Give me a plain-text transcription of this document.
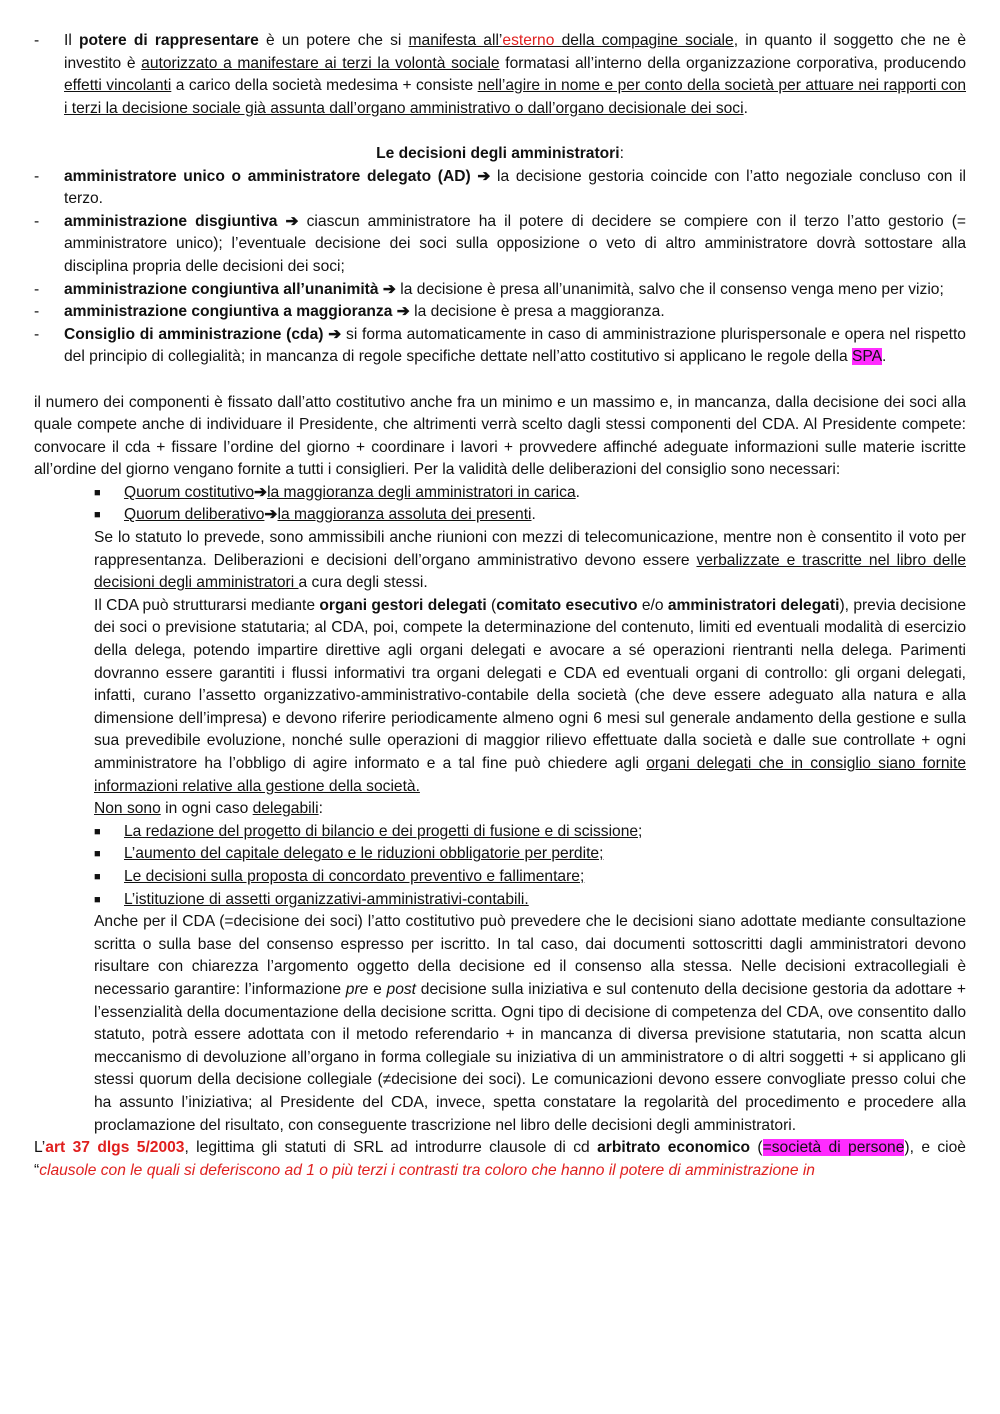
- Il potere di rappresentare è un potere che si manifesta all’esterno della compagine sociale, in quanto il soggetto che ne è investito è autorizzato a manifestare ai terzi la volontà sociale formatasi all’interno della organizzazione corporativa, producendo effetti vincolanti a carico della società medesima + consiste nell’agire in nome e per conto della società per attuare nei rapporti con i terzi la decisione sociale già assunta dall’organo amministrativo o dall’organo decisionale dei soci.

Le decisioni degli amministratori:

- amministratore unico o amministratore delegato (AD) ➔ la decisione gestoria coincide con l’atto negoziale concluso con il terzo.

- amministrazione disgiuntiva ➔ ciascun amministratore ha il potere di decidere se compiere con il terzo l’atto gestorio (= amministratore unico); l’eventuale decisione dei soci sulla opposizione o veto di altro amministratore dovrà sottostare alla disciplina propria delle decisioni dei soci;

- amministrazione congiuntiva all’unanimità ➔ la decisione è presa all’unanimità, salvo che il consenso venga meno per vizio;

- amministrazione congiuntiva a maggioranza ➔ la decisione è presa a maggioranza.

- Consiglio di amministrazione (cda) ➔ si forma automaticamente in caso di amministrazione plurispersonale e opera nel rispetto del principio di collegialità; in mancanza di regole specifiche dettate nell’atto costitutivo si applicano le regole della SPA.

il numero dei componenti è fissato dall’atto costitutivo anche fra un minimo e un massimo e, in mancanza, dalla decisione dei soci alla quale compete anche di individuare il Presidente, che altrimenti verrà scelto dagli stessi componenti del CDA. Al Presidente compete: convocare il cda + fissare l’ordine del giorno + coordinare i lavori + provvedere affinché adeguate informazioni sulle materie iscritte all’ordine del giorno vengano fornite a tutti i consiglieri. Per la validità delle deliberazioni del consiglio sono necessari:

■ Quorum costitutivo➔la maggioranza degli amministratori in carica.

■ Quorum deliberativo➔la maggioranza assoluta dei presenti.

Se lo statuto lo prevede, sono ammissibili anche riunioni con mezzi di telecomunicazione, mentre non è consentito il voto per rappresentanza. Deliberazioni e decisioni dell’organo amministrativo devono essere verbalizzate e trascritte nel libro delle decisioni degli amministratori a cura degli stessi.

Il CDA può strutturarsi mediante organi gestori delegati (comitato esecutivo e/o amministratori delegati), previa decisione dei soci o previsione statutaria; al CDA, poi, compete la determinazione del contenuto, limiti ed eventuali modalità di esercizio della delega, potendo impartire direttive agli organi delegati e avocare a sé operazioni rientranti nella delega. Parimenti dovranno essere garantiti i flussi informativi tra organi delegati e CDA ed eventuali organi di controllo: gli organi delegati, infatti, curano l’assetto organizzativo-amministrativo-contabile della società (che deve essere adeguato alla natura e alla dimensione dell’impresa) e devono riferire periodicamente almeno ogni 6 mesi sul generale andamento della gestione e sulla sua prevedibile evoluzione, nonché sulle operazioni di maggior rilievo effettuate dalla società e dalle sue controllate + ogni amministratore ha l’obbligo di agire informato e a tal fine può chiedere agli organi delegati che in consiglio siano fornite informazioni relative alla gestione della società.

Non sono in ogni caso delegabili:

■ La redazione del progetto di bilancio e dei progetti di fusione e di scissione;

■ L’aumento del capitale delegato e le riduzioni obbligatorie per perdite;

■ Le decisioni sulla proposta di concordato preventivo e fallimentare;

■ L’istituzione di assetti organizzativi-amministrativi-contabili.

Anche per il CDA (=decisione dei soci) l’atto costitutivo può prevedere che le decisioni siano adottate mediante consultazione scritta o sulla base del consenso espresso per iscritto. In tal caso, dai documenti sottoscritti dagli amministratori devono risultare con chiarezza l’argomento oggetto della decisione ed il consenso alla stessa. Nelle decisioni extracollegiali è necessario garantire: l’informazione pre e post decisione sulla iniziativa e sul contenuto della decisione gestoria da adottare + l’essenzialità della documentazione della decisione scritta. Ogni tipo di decisione di competenza del CDA, ove consentito dallo statuto, potrà essere adottata con il metodo referendario + in mancanza di diversa previsione statutaria, non scatta alcun meccanismo di devoluzione all’organo in forma collegiale su iniziativa di un amministratore o di altri soggetti + si applicano gli stessi quorum della decisione collegiale (≠decisione dei soci). Le comunicazioni devono essere convogliate presso colui che ha assunto l’iniziativa; al Presidente del CDA, invece, spetta constatare la regolarità del procedimento e procedere alla proclamazione del risultato, con conseguente trascrizione nel libro delle decisioni degli amministratori.

L’art 37 dlgs 5/2003, legittima gli statuti di SRL ad introdurre clausole di cd arbitrato economico (=società di persone), e cioè “clausole con le quali si deferiscono ad 1 o più terzi i contrasti tra coloro che hanno il potere di amministrazione in
